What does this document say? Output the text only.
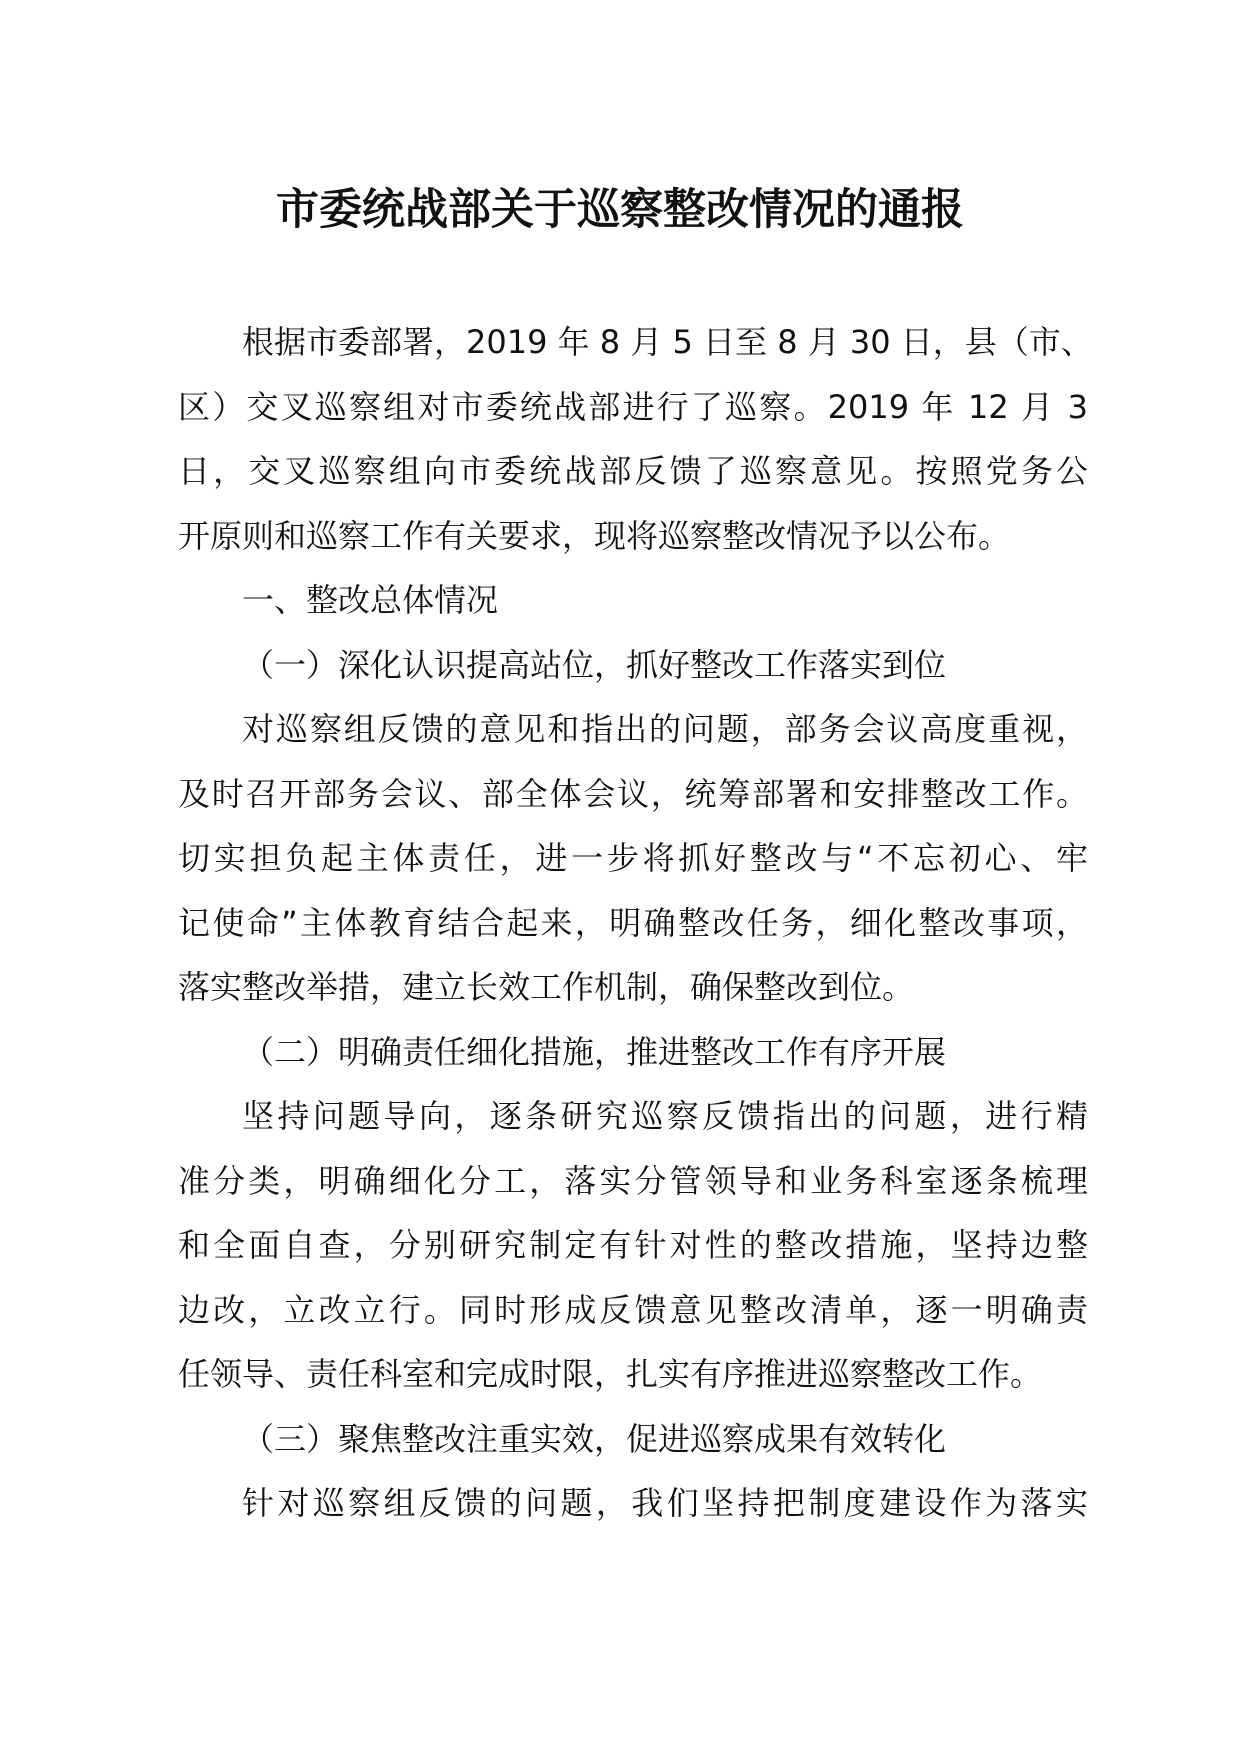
市委统战部关于巡察整改情况的通报
根据市委部署，2019 年 8 月 5 日至 8 月 30 日，县（市、
区）交叉巡察组对市委统战部进行了巡察。2019 年 12 月 3
日，交叉巡察组向市委统战部反馈了巡察意见。按照党务公
开原则和巡察工作有关要求，现将巡察整改情况予以公布。
一、整改总体情况
（一）深化认识提高站位，抓好整改工作落实到位
对巡察组反馈的意见和指出的问题，部务会议高度重视，
及时召开部务会议、部全体会议，统筹部署和安排整改工作。
切实担负起主体责任，进一步将抓好整改与“不忘初心、牢
记使命”主体教育结合起来，明确整改任务，细化整改事项，
落实整改举措，建立长效工作机制，确保整改到位。
（二）明确责任细化措施，推进整改工作有序开展
坚持问题导向，逐条研究巡察反馈指出的问题，进行精
准分类，明确细化分工，落实分管领导和业务科室逐条梳理
和全面自查，分别研究制定有针对性的整改措施，坚持边整
边改，立改立行。同时形成反馈意见整改清单，逐一明确责
任领导、责任科室和完成时限，扎实有序推进巡察整改工作。
（三）聚焦整改注重实效，促进巡察成果有效转化
针对巡察组反馈的问题，我们坚持把制度建设作为落实
